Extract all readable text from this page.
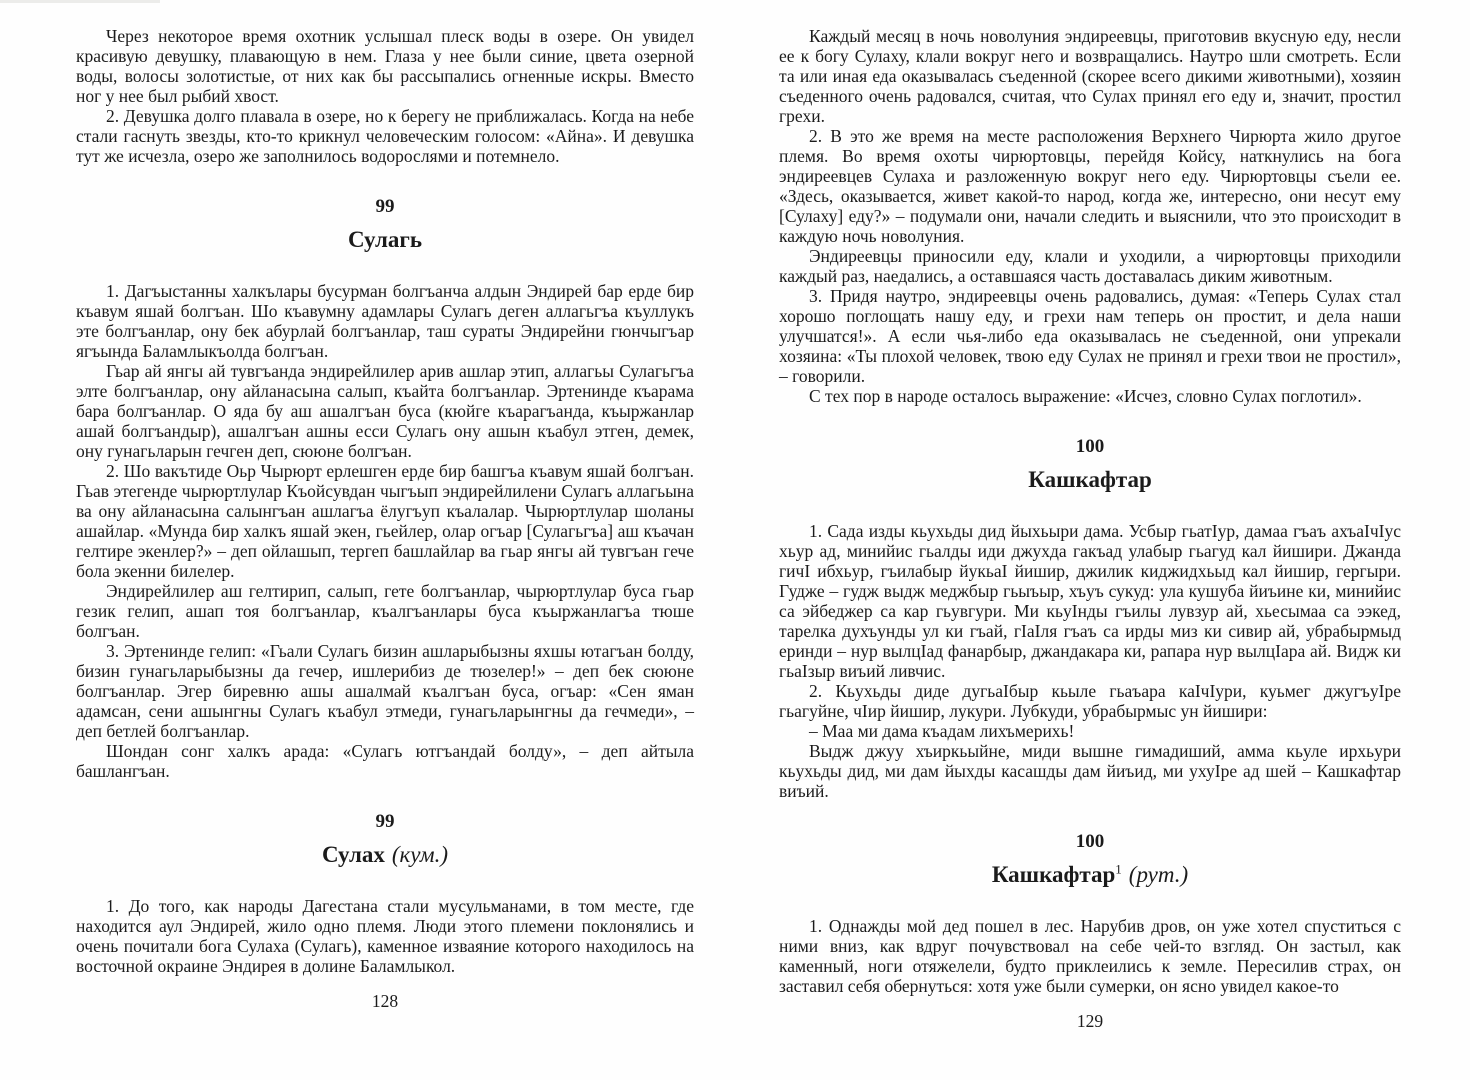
Через некоторое время охотник услышал плеск воды в озере. Он увидел красивую девушку, плавающую в нем. Глаза у нее были синие, цвета озерной воды, волосы золотистые, от них как бы рассыпались огненные искры. Вместо ног у нее был рыбий хвост.

2. Девушка долго плавала в озере, но к берегу не приближалась. Когда на небе стали гаснуть звезды, кто-то крикнул человеческим голосом: «Айна». И девушка тут же исчезла, озеро же заполнилось водорослями и потемнело.

99

Сулагь

1. Дагъыстанны халкълары бусурман болгъанча алдын Эндирей бар ерде бир къавум яшай болгъан. Шо къавумну адамлары Сулагь деген аллагьгъа къуллукъ эте болгъанлар, ону бек абурлай болгъанлар, таш сураты Эндирейни гюнчыгъар ягъында Баламлыкъолда болгъан.

Гьар ай янгы ай тувгъанда эндирейлилер арив ашлар этип, аллагьы Сулагьгъа элте болгъанлар, ону айланасына салып, къайта болгъанлар. Эртенинде къарама бара болгъанлар. О яда бу аш ашалгъан буса (кюйге къарагъанда, къыржанлар ашай болгъандыр), ашалгъан ашны есси Сулагь ону ашын къабул этген, демек, ону гунагьларын гечген деп, сююне болгъан.

2. Шо вакътиде Оьр Чырюрт ерлешген ерде бир башгъа къавум яшай болгъан. Гьав этегенде чырюртлулар Къойсувдан чыгъып эндирейлилени Сулагь аллагьына ва ону айланасына салынгъан ашлагъа ёлугъуп къалалар. Чырюртлулар шоланы ашайлар. «Мунда бир халкъ яшай экен, гьейлер, олар огъар [Сулагьгъа] аш къачан гелтире экенлер?» – деп ойлашып, тергеп башлайлар ва гьар янгы ай тувгъан гече бола экенни билелер.

Эндирейлилер аш гелтирип, салып, гете болгъанлар, чырюртлулар буса гьар гезик гелип, ашап тоя болгъанлар, къалгъанлары буса къыржанлагъа тюше болгъан.

3. Эртенинде гелип: «Гьали Сулагь бизин ашларыбызны яхшы ютагъан болду, бизин гунагьларыбызны да гечер, ишлерибиз де тюзелер!» – деп бек сююне болгъанлар. Эгер биревню ашы ашалмай къалгъан буса, огъар: «Сен яман адамсан, сени ашынгны Сулагь къабул этмеди, гунагьларынгны да гечмеди», – деп бетлей болгъанлар.

Шондан сонг халкъ арада: «Сулагь ютгъандай болду», – деп айтыла башлангъан.

99

Сулах (кум.)

1. До того, как народы Дагестана стали мусульманами, в том месте, где находится аул Эндирей, жило одно племя. Люди этого племени поклонялись и очень почитали бога Сулаха (Сулагь), каменное изваяние которого находилось на восточной окраине Эндирея в долине Баламлыкол.

128

Каждый месяц в ночь новолуния эндиреевцы, приготовив вкусную еду, несли ее к богу Сулаху, клали вокруг него и возвращались. Наутро шли смотреть. Если та или иная еда оказывалась съеденной (скорее всего дикими животными), хозяин съеденного очень радовался, считая, что Сулах принял его еду и, значит, простил грехи.

2. В это же время на месте расположения Верхнего Чирюрта жило другое племя. Во время охоты чирюртовцы, перейдя Койсу, наткнулись на бога эндиреевцев Сулаха и разложенную вокруг него еду. Чирюртовцы съели ее. «Здесь, оказывается, живет какой-то народ, когда же, интересно, они несут ему [Сулаху] еду?» – подумали они, начали следить и выяснили, что это происходит в каждую ночь новолуния.

Эндиреевцы приносили еду, клали и уходили, а чирюртовцы приходили каждый раз, наедались, а оставшаяся часть доставалась диким животным.

3. Придя наутро, эндиреевцы очень радовались, думая: «Теперь Сулах стал хорошо поглощать нашу еду, и грехи нам теперь он простит, и дела наши улучшатся!». А если чья-либо еда оказывалась не съеденной, они упрекали хозяина: «Ты плохой человек, твою еду Сулах не принял и грехи твои не простил», – говорили.

С тех пор в народе осталось выражение: «Исчез, словно Сулах поглотил».

100

Кашкафтар

1. Сада изды кьухьды дид йыхьыри дама. Усбыр гьатIур, дамаа гъаъ ахъаIчIус хьур ад, минийис гьалды иди джухда гакъад улабыр гьагуд кал йишири. Джанда гичI ибхьур, гъилабыр йукьаI йишир, джилик киджидхьыд кал йишир, гергыри. Гудже – гудж выдж меджбыр гьыъыр, хъуъ сукуд: ула кушуба йиъине ки, минийис са эйбеджер са кар гьувгури. Ми кьуIнды гъилы лувзур ай, хьесымаа са ээкед, тарелка духъунды ул ки гъай, гIаIля гъаъ са ирды миз ки сивир ай, убрабырмыд еринди – нур вылцIад фанарбыр, джандакара ки, рапара нур вылцIара ай. Видж ки гьаIзыр виъий ливчис.

2. Кьухьды диде дугьаIбыр кьыле гьаъара каIчIури, куьмег джугъуIре гьагуйне, чIир йишир, лукури. Лубкуди, убрабырмыс ун йишири:

– Маа ми дама къадам лихъмерихь!

Выдж джуу хъиркьыйне, миди вышне гимадиший, амма кьуле ирхьури кьухьды дид, ми дам йыхды касашды дам йиъид, ми ухуIре ад шей – Кашкафтар виъий.

100

Кашкафтар$^1$ (рут.)

1. Однажды мой дед пошел в лес. Нарубив дров, он уже хотел спуститься с ними вниз, как вдруг почувствовал на себе чей-то взгляд. Он застыл, как каменный, ноги отяжелели, будто приклеились к земле. Пересилив страх, он заставил себя обернуться: хотя уже были сумерки, он ясно увидел какое-то

129
